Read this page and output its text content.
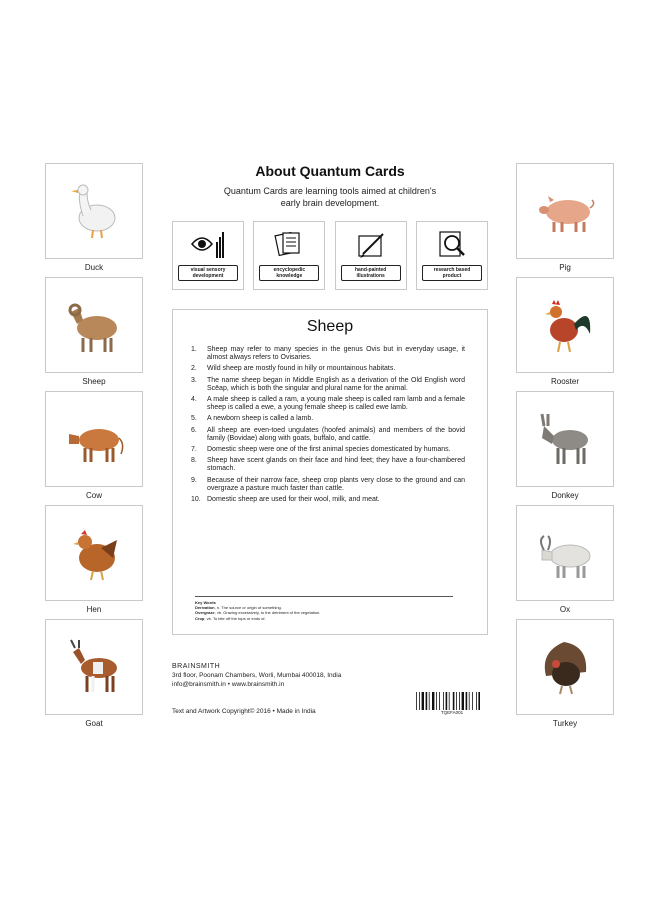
Duck
Sheep
Cow
Hen
Goat
Pig
Rooster
Donkey
Ox
Turkey
About Quantum Cards
Quantum Cards are learning tools aimed at children's early brain development.
visual sensory development
encyclopedic knowledge
hand-painted illustrations
research based product
Sheep
1.	Sheep may refer to many species in the genus Ovis but in everyday usage, it almost always refers to Ovisaries.
2.	Wild sheep are mostly found in hilly or mountainous habitats.
3.	The name sheep began in Middle English as a derivation of the Old English word Scēap, which is both the singular and plural name for the animal.
4.	A male sheep is called a ram, a young male sheep is called ram lamb and a female sheep is called a ewe, a young female sheep is called ewe lamb.
5.	A newborn sheep is called a lamb.
6.	All sheep are even-toed ungulates (hoofed animals) and members of the bovid family (Bovidae) along with goats, buffalo, and cattle.
7.	Domestic sheep were one of the first animal species domesticated by humans.
8.	Sheep have scent glands on their face and hind feet; they have a four-chambered stomach.
9.	Because of their narrow face, sheep crop plants very close to the ground and can overgraze a pasture much faster than cattle.
10. Domestic sheep are used for their wool, milk, and meat.
Key Words
Derivation, n. The source or origin of something.
Overgraze, vb. Grazing excessively, to the detriment of the vegetation.
Crop, vb. To bite off the tops or ends of.
BRAINSMITH
3rd floor, Poonam Chambers, Worli, Mumbai 400018, India
info@brainsmith.in • www.brainsmith.in
Text and Artwork Copyright© 2016 • Made in India	TQEFA001
